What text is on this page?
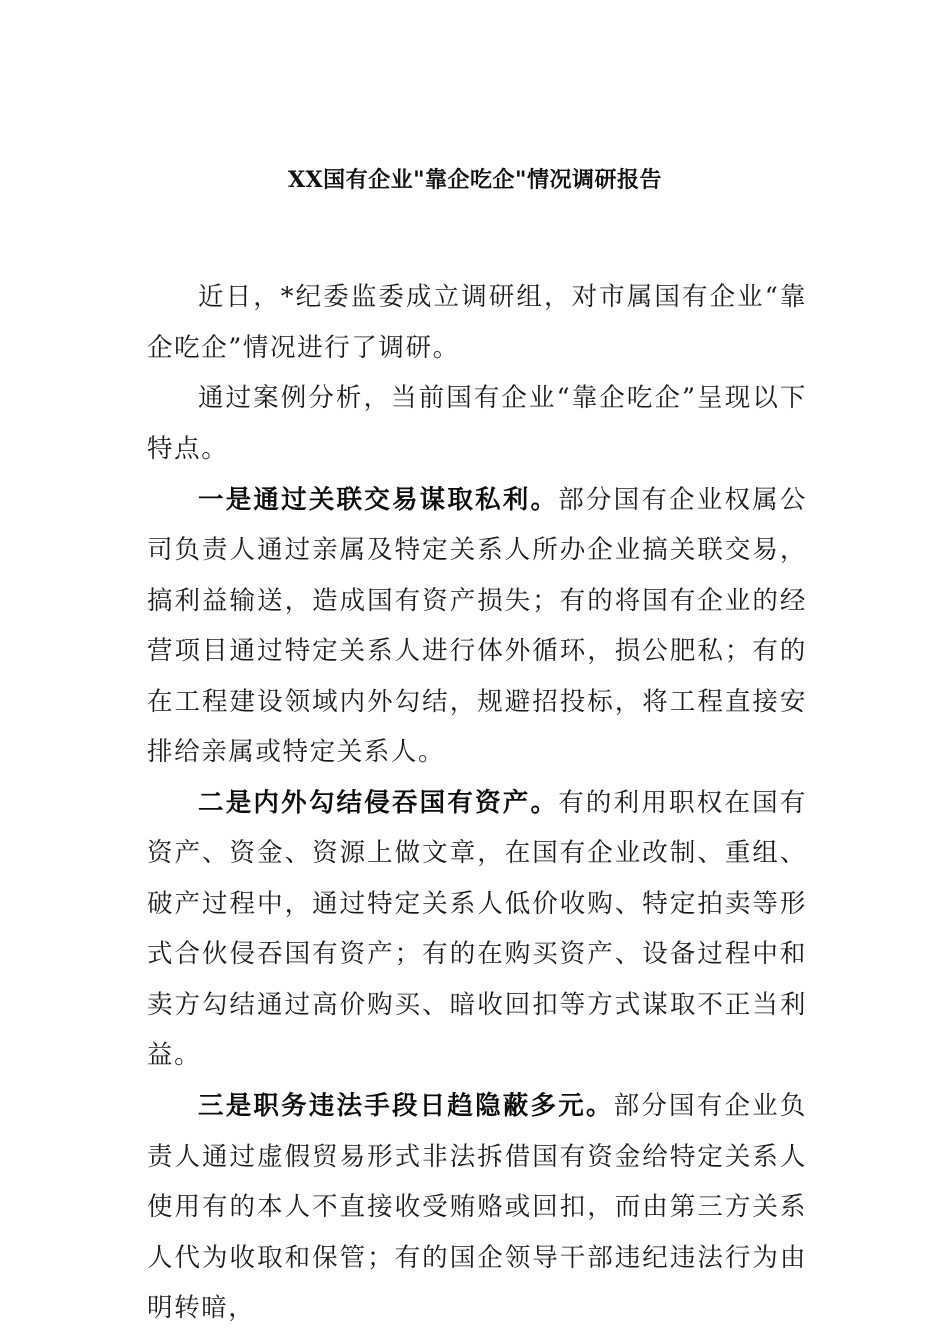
XX国有企业"靠企吃企"情况调研报告

近日，*纪委监委成立调研组，对市属国有企业“靠企吃企”情况进行了调研。

通过案例分析，当前国有企业“靠企吃企”呈现以下特点。

一是通过关联交易谋取私利。部分国有企业权属公司负责人通过亲属及特定关系人所办企业搞关联交易，搞利益输送，造成国有资产损失；有的将国有企业的经营项目通过特定关系人进行体外循环，损公肥私；有的在工程建设领域内外勾结，规避招投标，将工程直接安排给亲属或特定关系人。

二是内外勾结侵吞国有资产。有的利用职权在国有资产、资金、资源上做文章，在国有企业改制、重组、破产过程中，通过特定关系人低价收购、特定拍卖等形式合伙侵吞国有资产；有的在购买资产、设备过程中和卖方勾结通过高价购买、暗收回扣等方式谋取不正当利益。

三是职务违法手段日趋隐蔽多元。部分国有企业负责人通过虚假贸易形式非法拆借国有资金给特定关系人使用有的本人不直接收受贿赂或回扣，而由第三方关系人代为收取和保管；有的国企领导干部违纪违法行为由明转暗，
